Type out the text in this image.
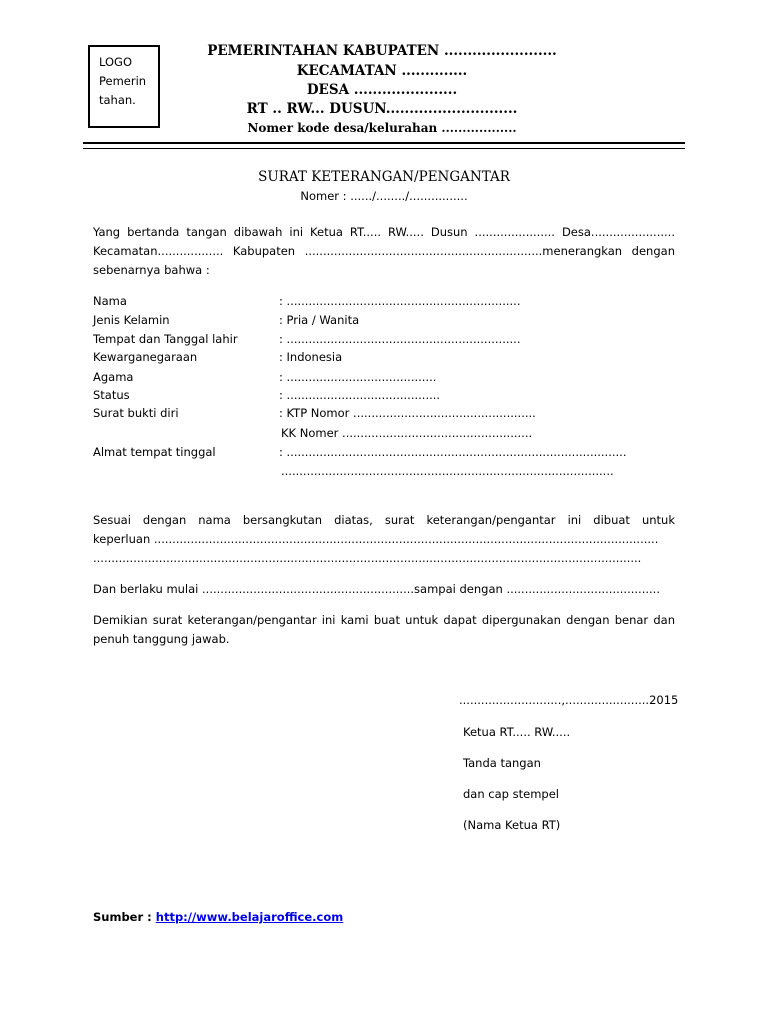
LOGO
Pemerin
tahan.
PEMERINTAHAN KABUPATEN ........................
KECAMATAN ..............
DESA ......................
RT .. RW... DUSUN............................
Nomer kode desa/kelurahan ..................
SURAT KETERANGAN/PENGANTAR
Nomer : ....../......../................
Yang bertanda tangan dibawah ini Ketua RT..... RW..... Dusun ...................... Desa.......................
Kecamatan.................. Kabupaten .................................................................menerangkan dengan
sebenarnya bahwa :
Nama	: ................................................................
Jenis Kelamin	: Pria / Wanita
Tempat dan Tanggal lahir	: ................................................................
Kewarganegaraan	: Indonesia
Agama	: .........................................
Status	: ..........................................
Surat bukti diri	: KTP Nomor ..................................................
KK Nomer ....................................................
Almat tempat tinggal	: .............................................................................................
...........................................................................................
Sesuai dengan nama bersangkutan diatas, surat keterangan/pengantar ini dibuat untuk
keperluan ..........................................................................................................................................
......................................................................................................................................................
Dan berlaku mulai ..........................................................sampai dengan ..........................................
Demikian surat keterangan/pengantar ini kami buat untuk dapat dipergunakan dengan benar dan
penuh tanggung jawab.
............................,.......................2015
Ketua RT..... RW.....
Tanda tangan
dan cap stempel
(Nama Ketua RT)
Sumber : http://www.belajaroffice.com
